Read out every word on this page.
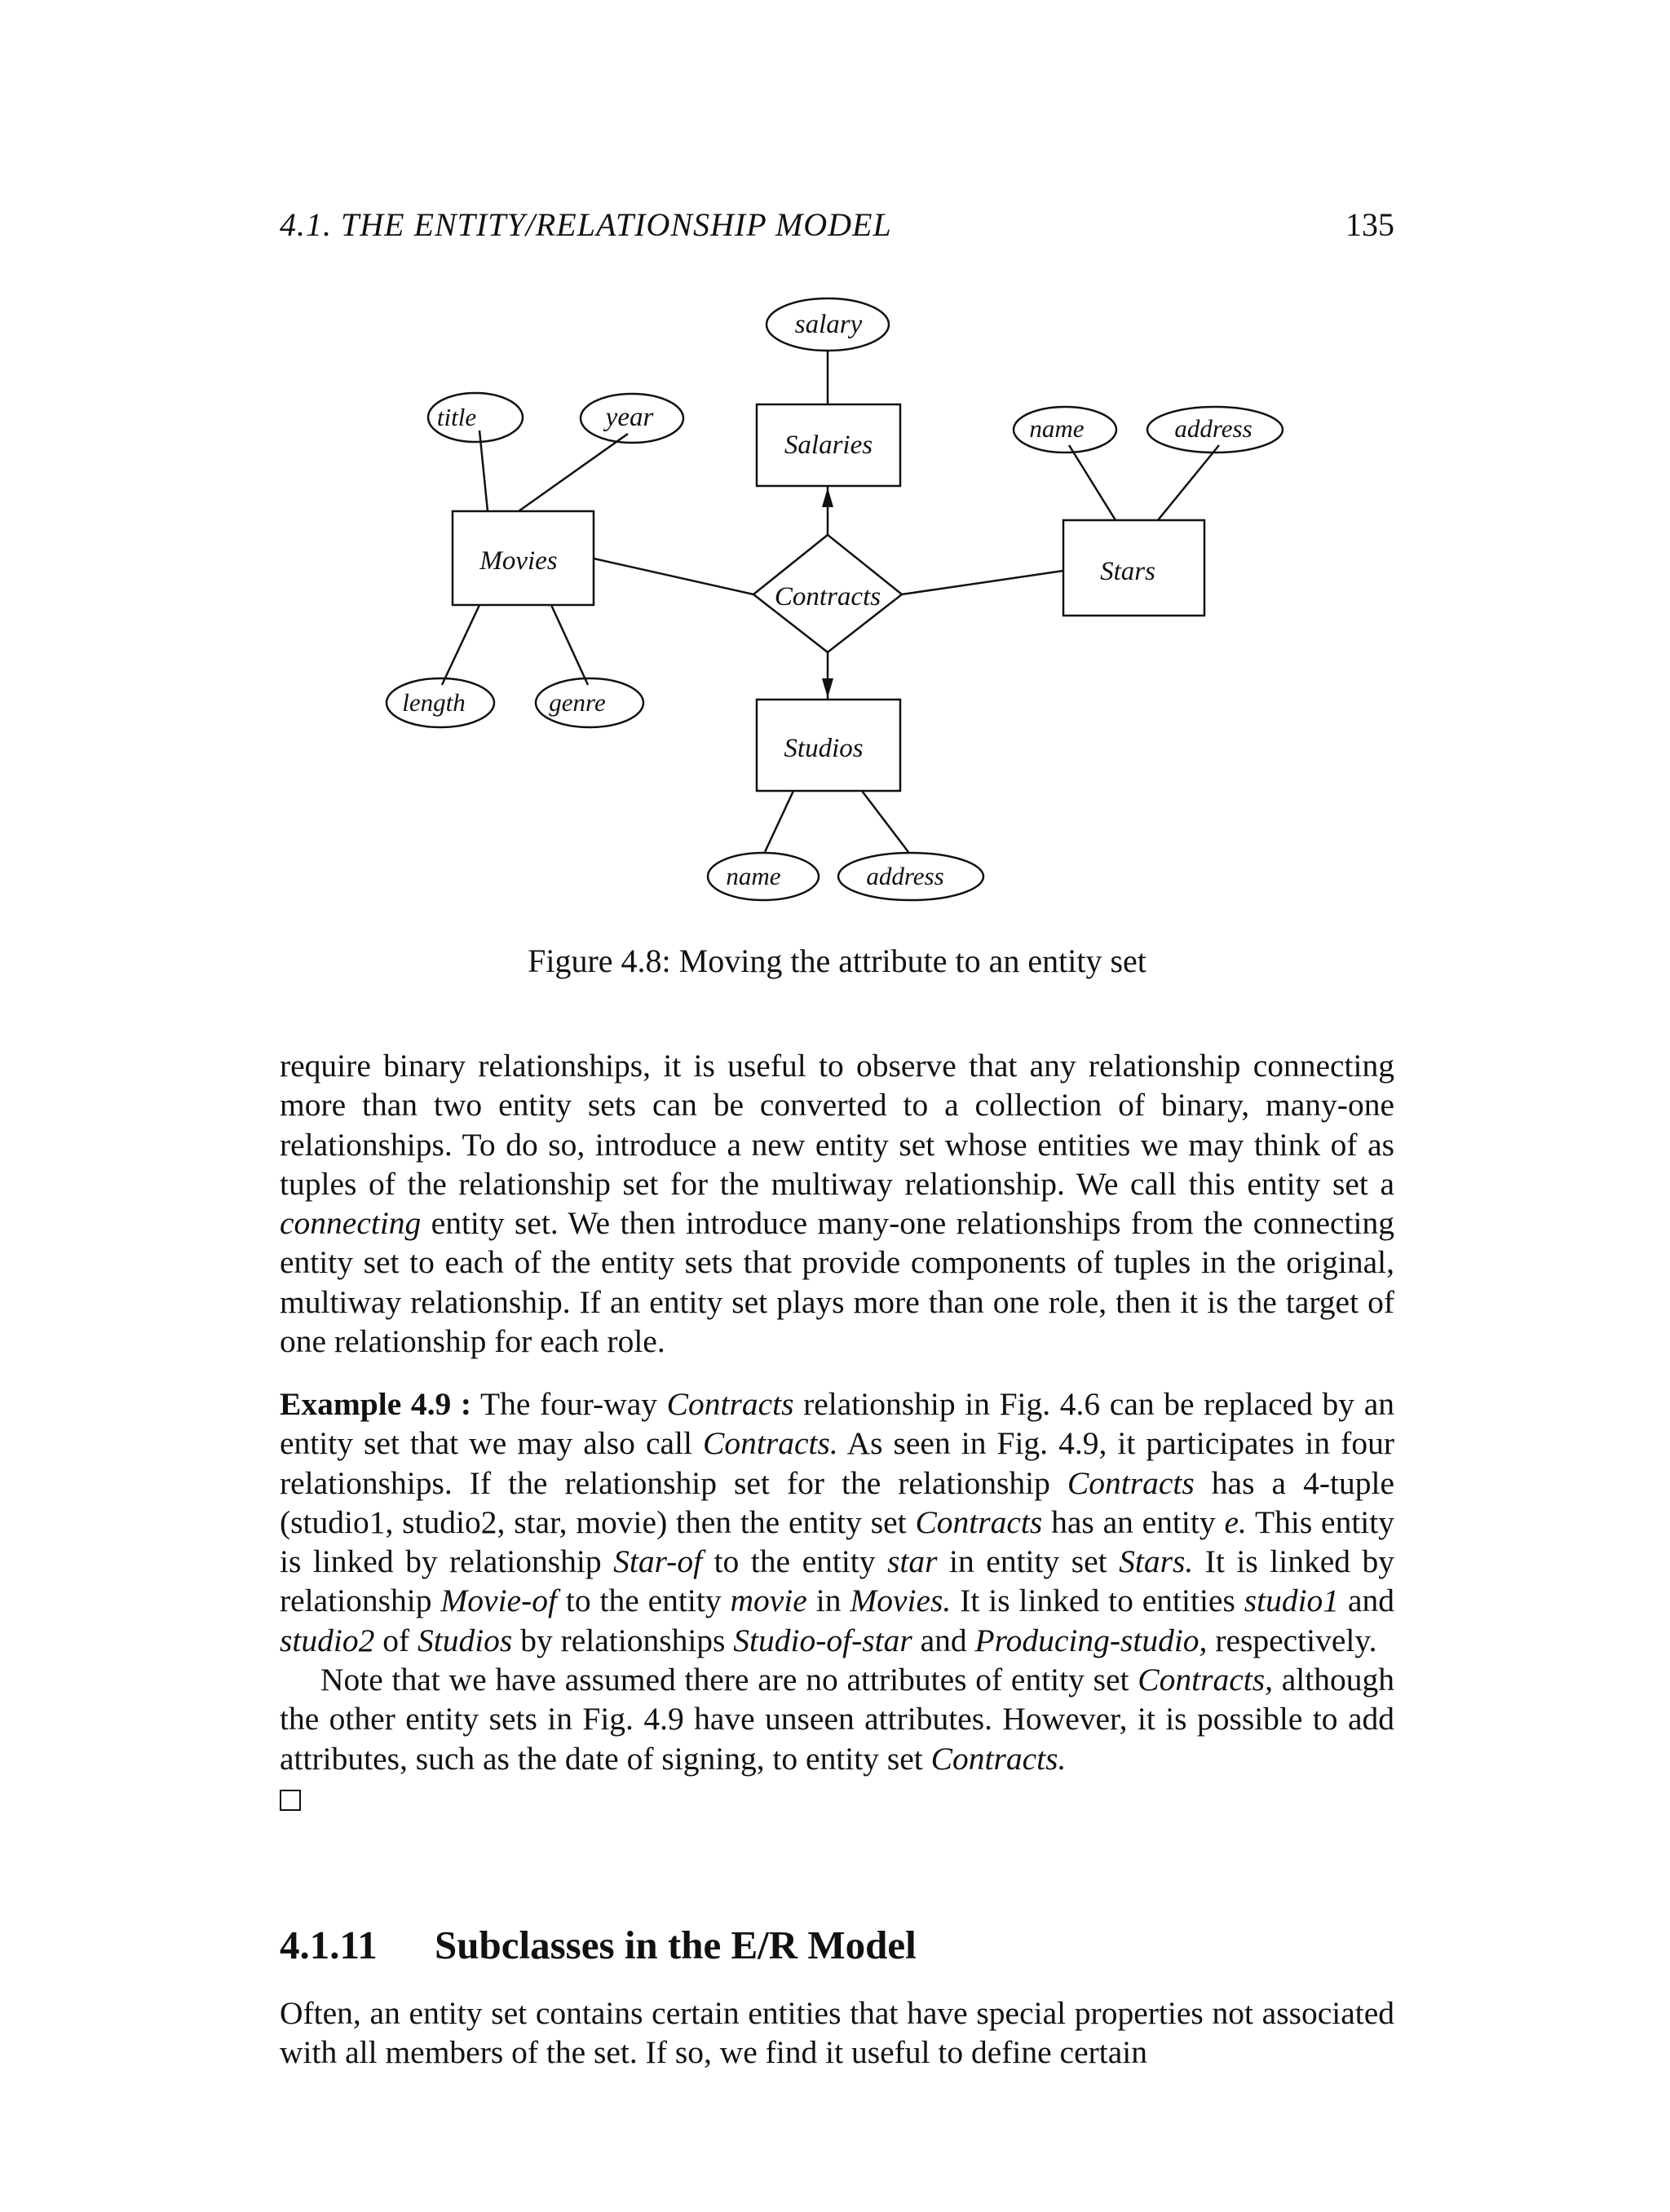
4.1. THE ENTITY/RELATIONSHIP MODEL	135
Salaries
Movies	Stars
Studios
Contracts
salary
title	year	name	address
length	genre
name	address
Figure 4.8: Moving the attribute to an entity set

require binary relationships, it is useful to observe that any relationship connecting more than two entity sets can be converted to a collection of binary, many-one relationships. To do so, introduce a new entity set whose entities we may think of as tuples of the relationship set for the multiway relationship. We call this entity set a connecting entity set. We then introduce many-one relationships from the connecting entity set to each of the entity sets that provide components of tuples in the original, multiway relationship. If an entity set plays more than one role, then it is the target of one relationship for each role.

Example 4.9 : The four-way Contracts relationship in Fig. 4.6 can be replaced by an entity set that we may also call Contracts. As seen in Fig. 4.9, it participates in four relationships. If the relationship set for the relationship Contracts has a 4-tuple (studio1, studio2, star, movie) then the entity set Contracts has an entity e. This entity is linked by relationship Star-of to the entity star in entity set Stars. It is linked by relationship Movie-of to the entity movie in Movies. It is linked to entities studio1 and studio2 of Studios by relationships Studio-of-star and Producing-studio, respectively.

Note that we have assumed there are no attributes of entity set Contracts, although the other entity sets in Fig. 4.9 have unseen attributes. However, it is possible to add attributes, such as the date of signing, to entity set Contracts.

4.1.11 Subclasses in the E/R Model

Often, an entity set contains certain entities that have special properties not associated with all members of the set. If so, we find it useful to define certain
